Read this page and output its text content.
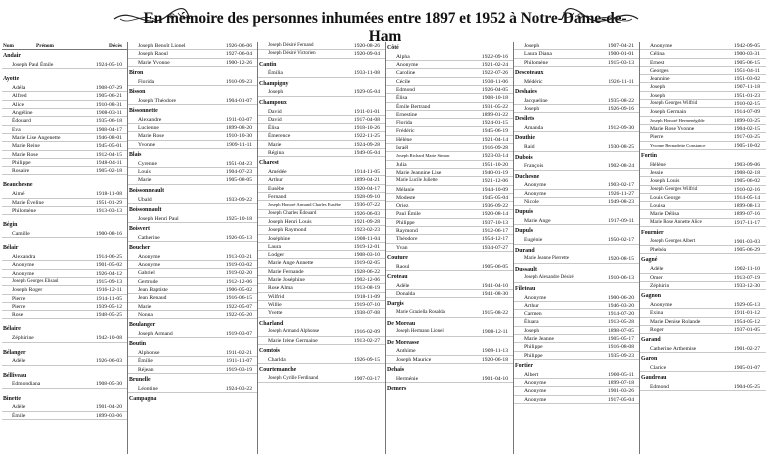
En mémoire des personnes inhumées entre 1897 et 1952 à Notre-Dame-de-Ham
Nom	Prénom	Décès
Andair
Joseph Paul Émile	1924-05-10
Ayotte
Adéla	1908-07-29
Alfred	1905-06-21
Alice	1910-08-31
Angéline	1908-03-11
Édouard	1935-06-18
Eva	1908-04-17
Marie Lise Angenette	1946-08-01
Marie Reine	1945-05-01
Marie Rose	1912-04-15
Philippe	1948-04-11
Rosaire	1905-02-18
Beauchesne
Aimé	1918-11-08
Marie Éveline	1951-01-29
Philomène	1913-03-13
Bégin
Camille	1900-08-16
Bélair
Alexandra	1914-06-25
Anonyme	1901-05-02
Anonyme	1926-04-12
Joseph Georges Elisaul	1915-09-13
Joseph Roger	1916-12-11
Pierre	1914-11-05
Pierre	1939-05-12
Rose	1948-05-25
Bélaire
Zéphirine	1942-10-08
Bélanger
Adèle	1926-06-03
Bélliveau
Edmondiana	1908-05-30
Binette
Adèle	1901-04-20
Émile	1899-03-06
Joseph Benoît Lionel	1926-06-06
Joseph Raoul	1927-06-04
Marie Yvonne	1900-12-26
Biron
Florida	1910-09-23
Bisson
Joseph Théodore	1904-01-07
Bissonnette
Alexandre	1911-03-07
Lucienne	1899-08-20
Marie Rose	1910-10-30
Yvonne	1909-11-11
Blais
Cyrenne	1951-04-23
Louis	1904-07-23
Marie	1905-08-05
Boissonneault
Ubald	1933-09-22
Boissonnault
Joseph Henri Paul	1925-10-18
Boisvert
Catherine	1926-05-13
Boucher
Anonyme	1913-03-21
Anonyme	1919-03-02
Gabriel	1919-02-20
Gertrude	1912-12-06
Jean Baptiste	1906-05-02
Jean Renaud	1916-06-15
Marie	1922-05-07
Nonna	1922-05-20
Boulanger
Joseph Armand	1919-03-07
Boutin
Alphonse	1911-02-21
Émilie	1911-11-07
Réjean	1919-03-19
Brunelle
Léontine	1924-03-22
Campagna
Joseph Désiré Fernand	1920-08-26
Joseph Désiré Victorien	1920-09-04
Cantin
Émilia	1933-11-08
Champigny
Joseph	1929-05-04
Champoux
David	1911-01-01
David	1917-04-08
Élisa	1918-10-26
Émerence	1922-11-25
Marie	1924-09-28
Régina	1949-05-04
Charest
Amédée	1914-11-05
Arthur	1899-04-21
Eusèbe	1920-04-17
Fernand	1928-09-10
Joseph Honoré Armand Charles Eusèbe 1936-07-22
Joseph Charles Édouard	1926-06-03
Joseph Henri Louis	1921-09-28
Joseph Raymond	1923-02-23
Joséphine	1908-11-04
Laura	1919-12-01
Lodger	1908-03-10
Marie Ange Annette	1919-02-05
Marie Fernande	1928-06-22
Marie Joséphine	1902-12-06
Rose Alma	1913-08-19
Wilfrid	1918-11-09
Willie	1919-07-10
Yvette	1938-07-08
Charland
Joseph Armand Alphonse	1916-02-09
Marie Irène Germaine	1913-02-27
Comtois
Charlda	1926-09-15
Courtemanche
Joseph Cyrille Ferdinand	1907-03-17
Côté
Alpha	1922-09-16
Anonyme	1921-02-24
Caroline	1922-07-26
Cécile	1930-11-06
Edmond	1926-04-05
Élisa	1908-10-18
Émile Bertrand	1931-05-22
Ernestine	1899-01-22
Florida	1924-01-15
Frédéric	1945-06-19
Hélène	1921-04-14
Israël	1916-09-28
Joseph Richard Marie Simon	1923-03-14
Julia	1951-10-20
Marie Jeannine Lise	1940-01-19
Marie Lucile Juliette	1921-12-06
Mélanie	1944-10-09
Modeste	1945-05-04
Oriez	1936-09-22
Paul Émile	1920-08-14
Philippe	1937-10-13
Raymond	1912-06-17
Théodore	1954-12-17
Yvan	1934-07-27
Couture
Raoul	1905-06-05
Croteau
Adèle	1941-04-10
Donalda	1941-08-30
Dargis
Marie Graziella Rosalda	1915-08-22
De Moreau
Joseph Hermann Lionel	1908-12-11
De Moreasse
Anthime	1909-11-13
Joseph Maurice	1920-06-18
Dehais
Herménie	1901-04-10
Demers
Joseph	1907-04-21
Laura Diana	1900-01-01
Philomène	1915-03-13
Descoteaux
Médéric	1926-11-11
Deshaies
Jacqueline	1935-08-22
Joseph	1926-09-16
Desilets
Amanda	1912-09-30
Douthie
Raid	1930-08-25
Dubois
François	1902-08-24
Duchesne
Anonyme	1903-02-17
Anonyme	1926-11-27
Nicole	1949-08-23
Dupuis
Marie Ange	1917-09-11
Dupuls
Eugénie	1950-02-17
Durand
Marie Jeanne Pierrette	1920-08-15
Dussault
Joseph Alexandre Désiré	1910-06-13
Fileteau
Anonyme	1900-06-20
Arthur	1946-03-20
Carmen	1914-07-20
Éluara	1913-05-28
Joseph	1898-07-05
Marie Jeanne	1905-05-17
Philippe	1916-08-08
Philippe	1935-09-23
Fortier
Albert	1900-05-11
Anonyme	1899-07-18
Anonyme	1901-03-26
Anonyme	1917-05-04
Anonyme	1942-09-05
Célina	1900-03-31
Ernest	1905-06-15
Georges	1951-04-11
Jeannine	1951-03-02
Joseph	1907-11-18
Joseph	1951-01-23
Joseph Georges Wilfrid	1910-02-15
Joseph Germain	1914-07-09
Joseph Honoré Hermenégilde	1899-03-25
Marie Rose Yvonne	1904-02-15
Pierre	1917-03-25
Yvonne Bernadette Constance	1905-10-02
Fortin
Hélène	1903-09-06
Jessie	1908-02-18
Joseph Louis	1905-06-02
Joseph Georges Wilfrid	1910-02-16
Louis George	1914-05-14
Louisa	1899-08-13
Marie Délisa	1899-07-16
Marie Rose Annette Alice	1917-11-17
Fournier
Joseph Georges Albert	1901-03-03
Phebéa	1905-06-29
Gagné
Adèle	1902-11-10
Omer	1913-07-19
Zéphirin	1933-12-30
Gagnon
Anonyme	1929-05-13
Exina	1911-01-12
Marie Denise Rolande	1954-05-12
Roger	1937-01-05
Garand
Catherine Arthemise	1901-02-27
Garon
Clarice	1905-01-07
Gaudreau
Edmond	1904-05-25
